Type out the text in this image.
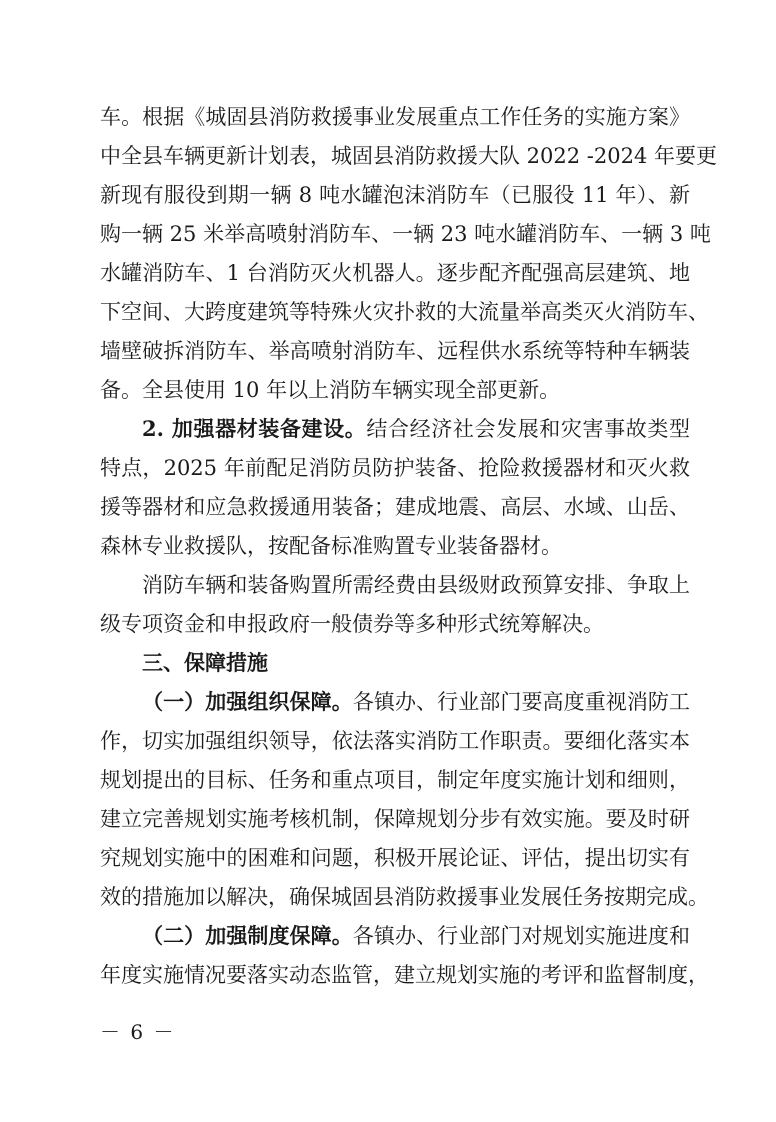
车。根据《城固县消防救援事业发展重点工作任务的实施方案》
中全县车辆更新计划表，城固县消防救援大队 2022 -2024 年要更
新现有服役到期一辆 8 吨水罐泡沫消防车（已服役 11 年）、新
购一辆 25 米举高喷射消防车、一辆 23 吨水罐消防车、一辆 3 吨
水罐消防车、1 台消防灭火机器人。逐步配齐配强高层建筑、地
下空间、大跨度建筑等特殊火灾扑救的大流量举高类灭火消防车、
墙壁破拆消防车、举高喷射消防车、远程供水系统等特种车辆装
备。全县使用 10 年以上消防车辆实现全部更新。
2. 加强器材装备建设。结合经济社会发展和灾害事故类型
特点，2025 年前配足消防员防护装备、抢险救援器材和灭火救
援等器材和应急救援通用装备；建成地震、高层、水域、山岳、
森林专业救援队，按配备标准购置专业装备器材。
消防车辆和装备购置所需经费由县级财政预算安排、争取上
级专项资金和申报政府一般债券等多种形式统筹解决。
三、保障措施
（一）加强组织保障。各镇办、行业部门要高度重视消防工
作，切实加强组织领导，依法落实消防工作职责。要细化落实本
规划提出的目标、任务和重点项目，制定年度实施计划和细则，
建立完善规划实施考核机制，保障规划分步有效实施。要及时研
究规划实施中的困难和问题，积极开展论证、评估，提出切实有
效的措施加以解决，确保城固县消防救援事业发展任务按期完成。
（二）加强制度保障。各镇办、行业部门对规划实施进度和
年度实施情况要落实动态监管，建立规划实施的考评和监督制度，
－ 6 －
